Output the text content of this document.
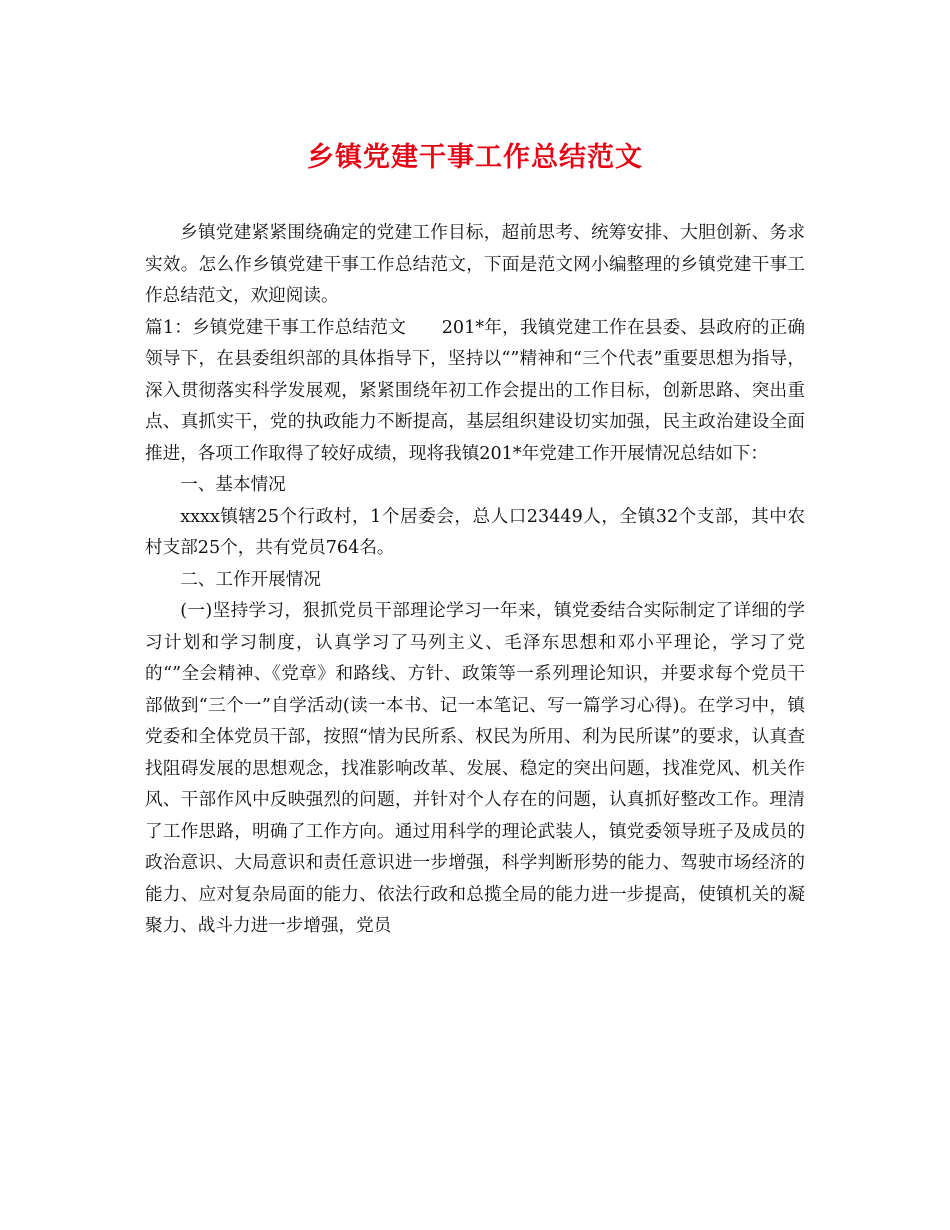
乡镇党建干事工作总结范文

乡镇党建紧紧围绕确定的党建工作目标，超前思考、统筹安排、大胆创新、务求实效。怎么作乡镇党建干事工作总结范文，下面是范文网小编整理的乡镇党建干事工作总结范文，欢迎阅读。

篇1：乡镇党建干事工作总结范文　　201*年，我镇党建工作在县委、县政府的正确领导下，在县委组织部的具体指导下，坚持以“”精神和“三个代表”重要思想为指导，深入贯彻落实科学发展观，紧紧围绕年初工作会提出的工作目标，创新思路、突出重点、真抓实干，党的执政能力不断提高，基层组织建设切实加强，民主政治建设全面推进，各项工作取得了较好成绩，现将我镇201*年党建工作开展情况总结如下：

一、基本情况

xxxx镇辖25个行政村，1个居委会，总人口23449人，全镇32个支部，其中农村支部25个，共有党员764名。

二、工作开展情况

(一)坚持学习，狠抓党员干部理论学习一年来，镇党委结合实际制定了详细的学习计划和学习制度，认真学习了马列主义、毛泽东思想和邓小平理论，学习了党的“”全会精神、《党章》和路线、方针、政策等一系列理论知识，并要求每个党员干部做到“三个一”自学活动(读一本书、记一本笔记、写一篇学习心得)。在学习中，镇党委和全体党员干部，按照“情为民所系、权民为所用、利为民所谋”的要求，认真查找阻碍发展的思想观念，找准影响改革、发展、稳定的突出问题，找准党风、机关作风、干部作风中反映强烈的问题，并针对个人存在的问题，认真抓好整改工作。理清了工作思路，明确了工作方向。通过用科学的理论武装人，镇党委领导班子及成员的政治意识、大局意识和责任意识进一步增强，科学判断形势的能力、驾驶市场经济的能力、应对复杂局面的能力、依法行政和总揽全局的能力进一步提高，使镇机关的凝聚力、战斗力进一步增强，党员
